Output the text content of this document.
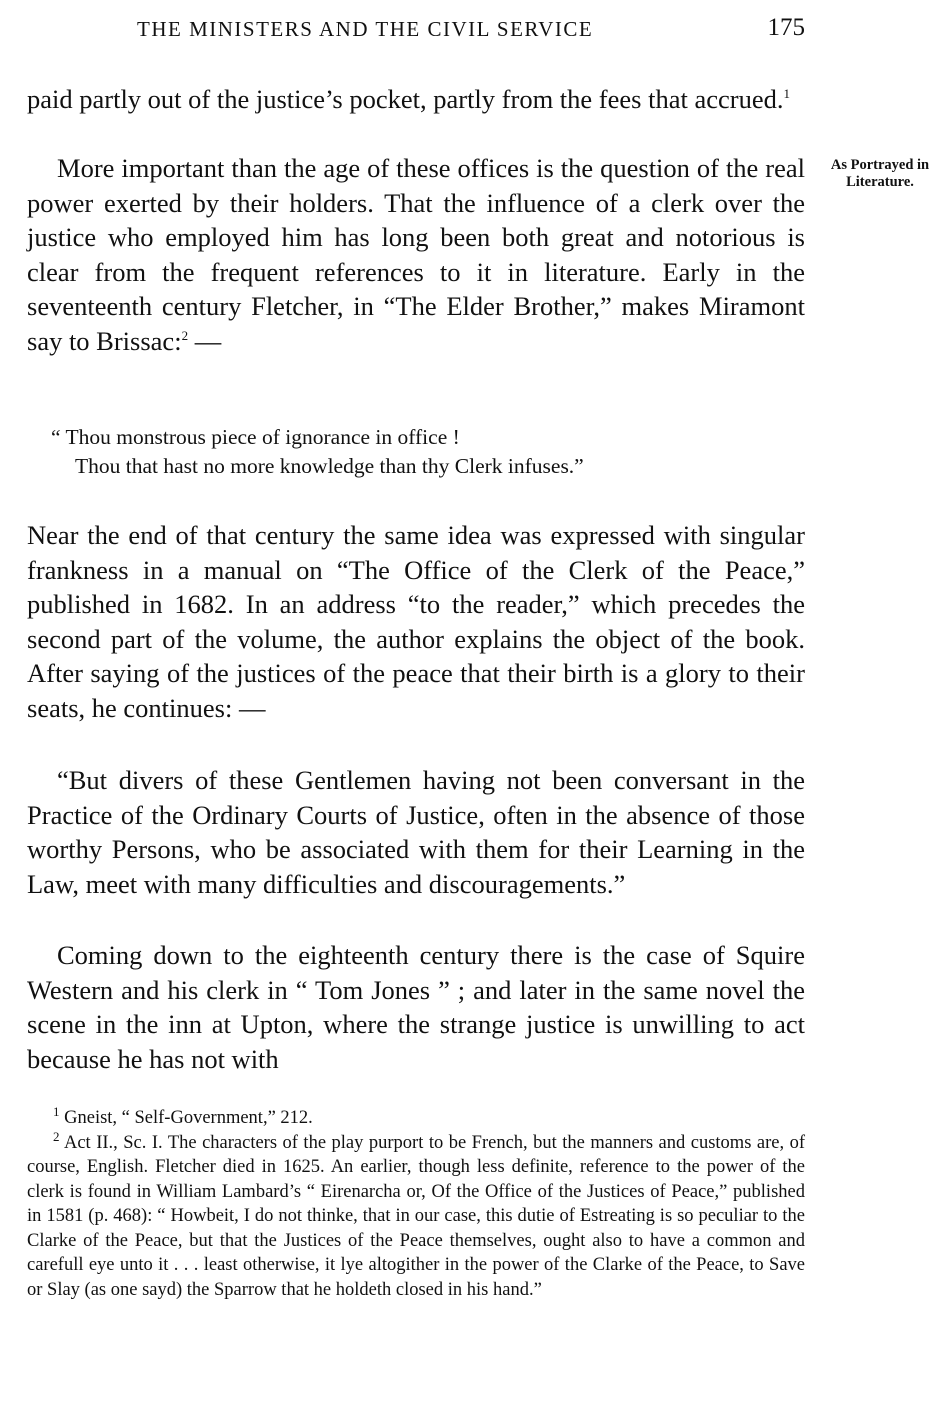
THE MINISTERS AND THE CIVIL SERVICE	175
As Portrayed in Literature.

paid partly out of the justice’s pocket, partly from the fees that accrued.$^1$

More important than the age of these offices is the question of the real power exerted by their holders. That the influence of a clerk over the justice who employed him has long been both great and notorious is clear from the frequent references to it in literature. Early in the seventeenth century Fletcher, in “The Elder Brother,” makes Miramont say to Brissac:$^2$ —

“ Thou monstrous piece of ignorance in office !
Thou that hast no more knowledge than thy Clerk infuses.”

Near the end of that century the same idea was expressed with singular frankness in a manual on “The Office of the Clerk of the Peace,” published in 1682. In an address “to the reader,” which precedes the second part of the volume, the author explains the object of the book. After saying of the justices of the peace that their birth is a glory to their seats, he continues: —

“But divers of these Gentlemen having not been conversant in the Practice of the Ordinary Courts of Justice, often in the absence of those worthy Persons, who be associated with them for their Learning in the Law, meet with many difficulties and discouragements.”

Coming down to the eighteenth century there is the case of Squire Western and his clerk in “ Tom Jones ” ; and later in the same novel the scene in the inn at Upton, where the strange justice is unwilling to act because he has not with

$^1$ Gneist, “ Self-Government,” 212.

$^2$ Act II., Sc. I. The characters of the play purport to be French, but the manners and customs are, of course, English. Fletcher died in 1625. An earlier, though less definite, reference to the power of the clerk is found in William Lambard’s “ Eirenarcha or, Of the Office of the Justices of Peace,” published in 1581 (p. 468): “ Howbeit, I do not thinke, that in our case, this dutie of Estreating is so peculiar to the Clarke of the Peace, but that the Justices of the Peace themselves, ought also to have a common and carefull eye unto it . . . least otherwise, it lye altogither in the power of the Clarke of the Peace, to Save or Slay (as one sayd) the Sparrow that he holdeth closed in his hand.”
